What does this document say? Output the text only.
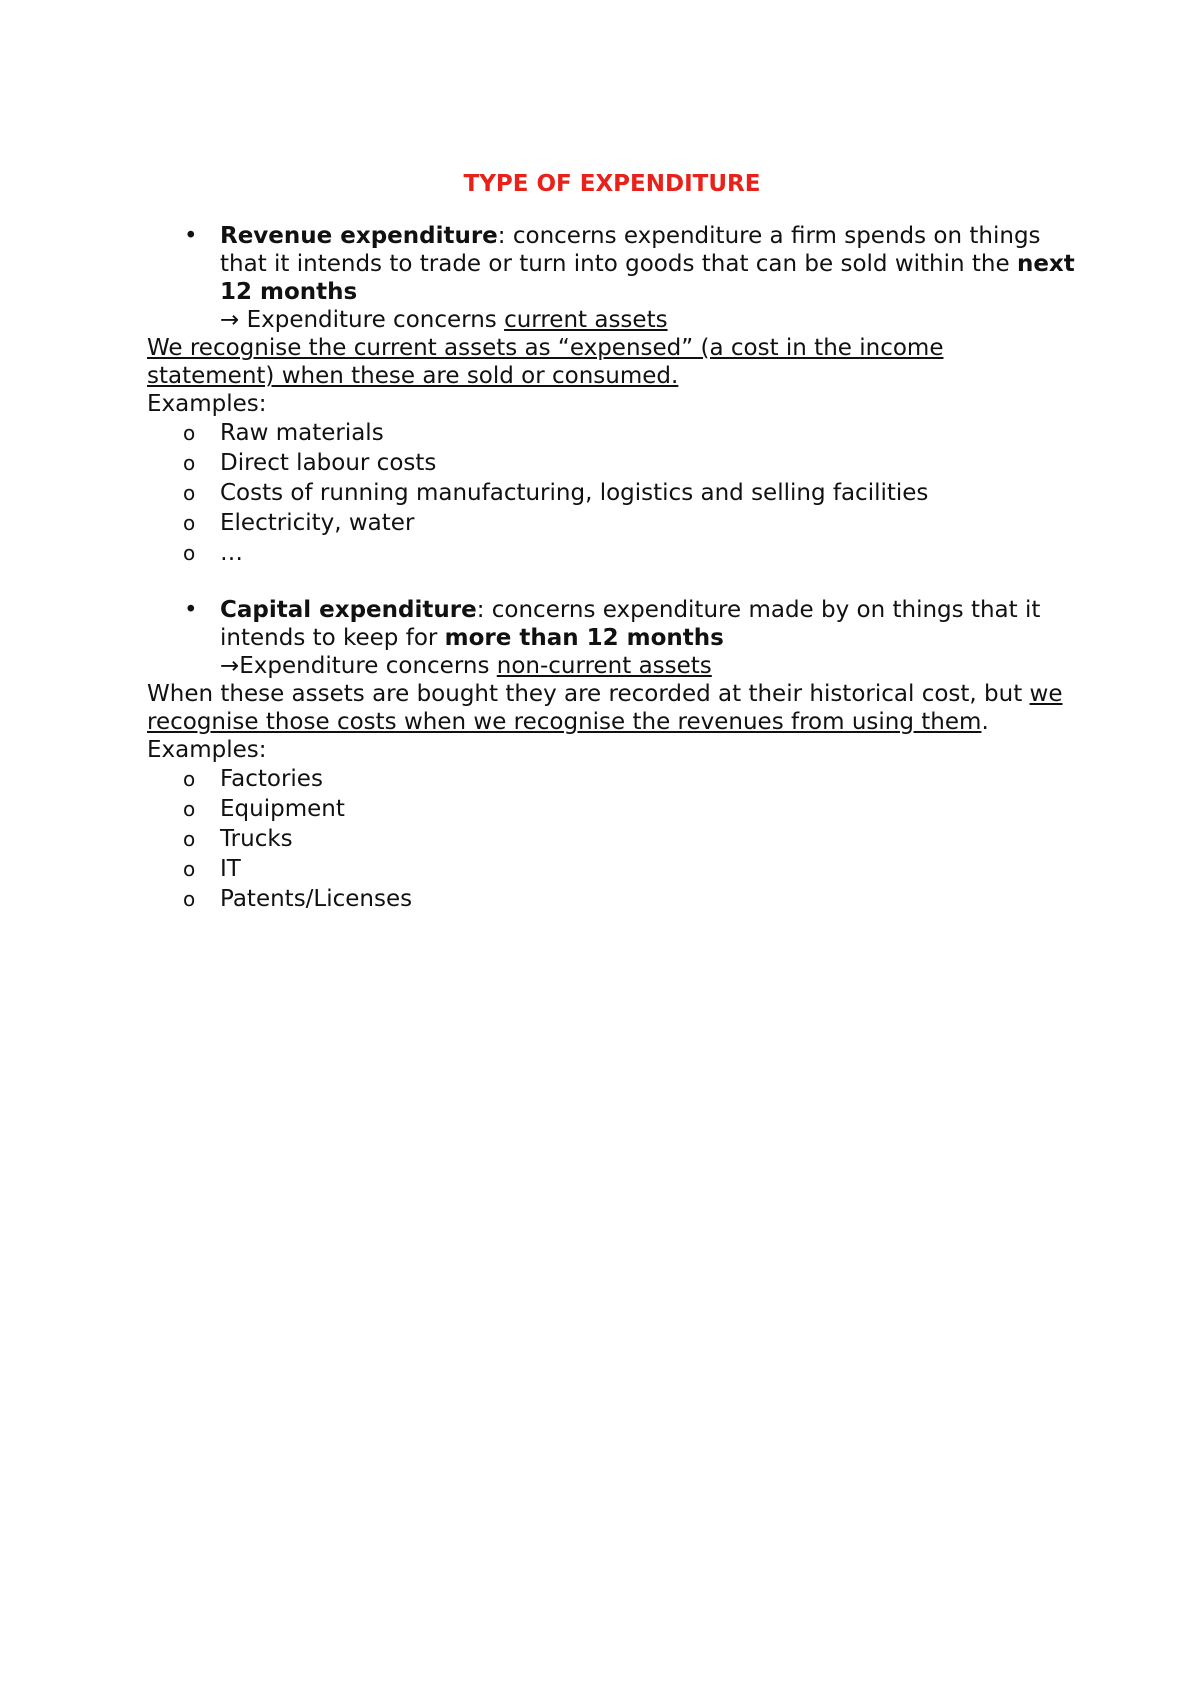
TYPE OF EXPENDITURE
• Revenue expenditure: concerns expenditure a firm spends on things that it intends to trade or turn into goods that can be sold within the next 12 months
→ Expenditure concerns current assets
We recognise the current assets as “expensed” (a cost in the income statement) when these are sold or consumed.
Examples:
o Raw materials
o Direct labour costs
o Costs of running manufacturing, logistics and selling facilities
o Electricity, water
o …
• Capital expenditure: concerns expenditure made by on things that it intends to keep for more than 12 months
→Expenditure concerns non-current assets
When these assets are bought they are recorded at their historical cost, but we recognise those costs when we recognise the revenues from using them.
Examples:
o Factories
o Equipment
o Trucks
o IT
o Patents/Licenses
